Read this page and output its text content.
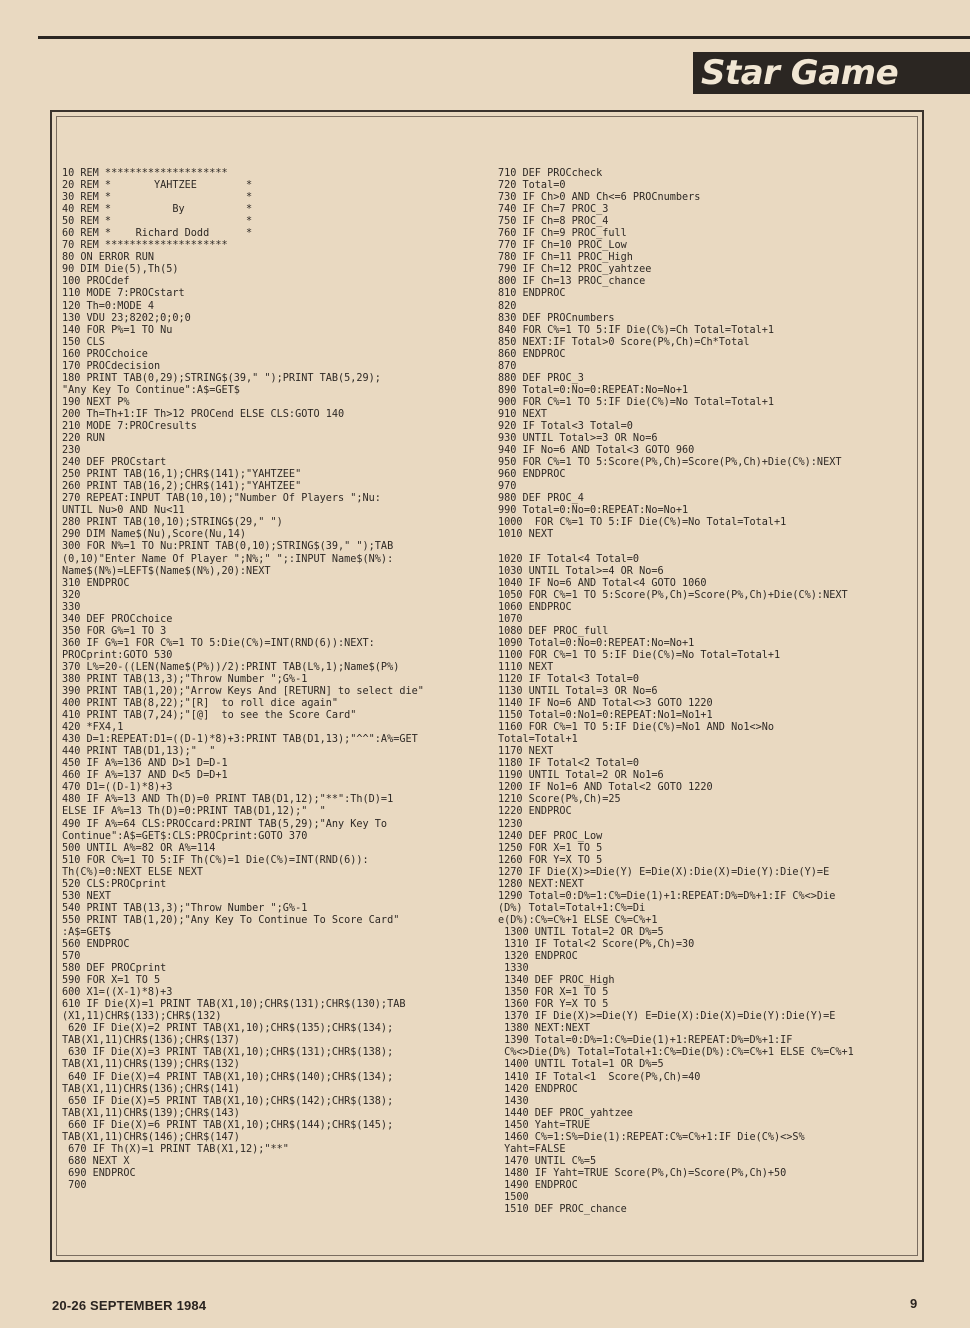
Star Game
10 REM ********************
20 REM *       YAHTZEE        *
30 REM *                      *
40 REM *          By          *
50 REM *                      *
60 REM *    Richard Dodd      *
70 REM ********************
80 ON ERROR RUN
90 DIM Die(5),Th(5)
100 PROCdef
110 MODE 7:PROCstart
120 Th=0:MODE 4
130 VDU 23;8202;0;0;0
140 FOR P%=1 TO Nu
150 CLS
160 PROCchoice
170 PROCdecision
180 PRINT TAB(0,29);STRING$(39," ");PRINT TAB(5,29);
"Any Key To Continue":A$=GET$
190 NEXT P%
200 Th=Th+1:IF Th>12 PROCend ELSE CLS:GOTO 140
210 MODE 7:PROCresults
220 RUN
230
240 DEF PROCstart
250 PRINT TAB(16,1);CHR$(141);"YAHTZEE"
260 PRINT TAB(16,2);CHR$(141);"YAHTZEE"
270 REPEAT:INPUT TAB(10,10);"Number Of Players ";Nu:
UNTIL Nu>0 AND Nu<11
280 PRINT TAB(10,10);STRING$(29," ")
290 DIM Name$(Nu),Score(Nu,14)
300 FOR N%=1 TO Nu:PRINT TAB(0,10);STRING$(39," ");TAB
(0,10)"Enter Name Of Player ";N%;" ";:INPUT Name$(N%):
Name$(N%)=LEFT$(Name$(N%),20):NEXT
310 ENDPROC
320
330
340 DEF PROCchoice
350 FOR G%=1 TO 3
360 IF G%=1 FOR C%=1 TO 5:Die(C%)=INT(RND(6)):NEXT:
PROCprint:GOTO 530
370 L%=20-((LEN(Name$(P%))/2):PRINT TAB(L%,1);Name$(P%)
380 PRINT TAB(13,3);"Throw Number ";G%-1
390 PRINT TAB(1,20);"Arrow Keys And [RETURN] to select die"
400 PRINT TAB(8,22);"[R]  to roll dice again"
410 PRINT TAB(7,24);"[@]  to see the Score Card"
420 *FX4,1
430 D=1:REPEAT:D1=((D-1)*8)+3:PRINT TAB(D1,13);"^^":A%=GET
440 PRINT TAB(D1,13);"  "
450 IF A%=136 AND D>1 D=D-1
460 IF A%=137 AND D<5 D=D+1
470 D1=((D-1)*8)+3
480 IF A%=13 AND Th(D)=0 PRINT TAB(D1,12);"**":Th(D)=1
ELSE IF A%=13 Th(D)=0:PRINT TAB(D1,12);"  "
490 IF A%=64 CLS:PROCcard:PRINT TAB(5,29);"Any Key To
Continue":A$=GET$:CLS:PROCprint:GOTO 370
500 UNTIL A%=82 OR A%=114
510 FOR C%=1 TO 5:IF Th(C%)=1 Die(C%)=INT(RND(6)):
Th(C%)=0:NEXT ELSE NEXT
520 CLS:PROCprint
530 NEXT
540 PRINT TAB(13,3);"Throw Number ";G%-1
550 PRINT TAB(1,20);"Any Key To Continue To Score Card"
:A$=GET$
560 ENDPROC
570
580 DEF PROCprint
590 FOR X=1 TO 5
600 X1=((X-1)*8)+3
610 IF Die(X)=1 PRINT TAB(X1,10);CHR$(131);CHR$(130);TAB
(X1,11)CHR$(133);CHR$(132)
620 IF Die(X)=2 PRINT TAB(X1,10);CHR$(135);CHR$(134);
TAB(X1,11)CHR$(136);CHR$(137)
630 IF Die(X)=3 PRINT TAB(X1,10);CHR$(131);CHR$(138);
TAB(X1,11)CHR$(139);CHR$(132)
640 IF Die(X)=4 PRINT TAB(X1,10);CHR$(140);CHR$(134);
TAB(X1,11)CHR$(136);CHR$(141)
650 IF Die(X)=5 PRINT TAB(X1,10);CHR$(142);CHR$(138);
TAB(X1,11)CHR$(139);CHR$(143)
660 IF Die(X)=6 PRINT TAB(X1,10);CHR$(144);CHR$(145);
TAB(X1,11)CHR$(146);CHR$(147)
670 IF Th(X)=1 PRINT TAB(X1,12);"**"
680 NEXT X
690 ENDPROC
700
710 DEF PROCcheck
720 Total=0
730 IF Ch>0 AND Ch<=6 PROCnumbers
740 IF Ch=7 PROC_3
750 IF Ch=8 PROC_4
760 IF Ch=9 PROC_full
770 IF Ch=10 PROC_Low
780 IF Ch=11 PROC_High
790 IF Ch=12 PROC_yahtzee
800 IF Ch=13 PROC_chance
810 ENDPROC
820
830 DEF PROCnumbers
840 FOR C%=1 TO 5:IF Die(C%)=Ch Total=Total+1
850 NEXT:IF Total>0 Score(P%,Ch)=Ch*Total
860 ENDPROC
870
880 DEF PROC_3
890 Total=0:No=0:REPEAT:No=No+1
900 FOR C%=1 TO 5:IF Die(C%)=No Total=Total+1
910 NEXT
920 IF Total<3 Total=0
930 UNTIL Total>=3 OR No=6
940 IF No=6 AND Total<3 GOTO 960
950 FOR C%=1 TO 5:Score(P%,Ch)=Score(P%,Ch)+Die(C%):NEXT
960 ENDPROC
970
980 DEF PROC_4
990 Total=0:No=0:REPEAT:No=No+1
1000  FOR C%=1 TO 5:IF Die(C%)=No Total=Total+1
1010 NEXT
1020 IF Total<4 Total=0
1030 UNTIL Total>=4 OR No=6
1040 IF No=6 AND Total<4 GOTO 1060
1050 FOR C%=1 TO 5:Score(P%,Ch)=Score(P%,Ch)+Die(C%):NEXT
1060 ENDPROC
1070
1080 DEF PROC_full
1090 Total=0:No=0:REPEAT:No=No+1
1100 FOR C%=1 TO 5:IF Die(C%)=No Total=Total+1
1110 NEXT
1120 IF Total<3 Total=0
1130 UNTIL Total=3 OR No=6
1140 IF No=6 AND Total<>3 GOTO 1220
1150 Total=0:No1=0:REPEAT:No1=No1+1
1160 FOR C%=1 TO 5:IF Die(C%)=No1 AND No1<>No
Total=Total+1
1170 NEXT
1180 IF Total<2 Total=0
1190 UNTIL Total=2 OR No1=6
1200 IF No1=6 AND Total<2 GOTO 1220
1210 Score(P%,Ch)=25
1220 ENDPROC
1230
1240 DEF PROC_Low
1250 FOR X=1 TO 5
1260 FOR Y=X TO 5
1270 IF Die(X)>=Die(Y) E=Die(X):Die(X)=Die(Y):Die(Y)=E
1280 NEXT:NEXT
1290 Total=0:D%=1:C%=Die(1)+1:REPEAT:D%=D%+1:IF C%<>Die
(D%) Total=Total+1:C%=Di
e(D%):C%=C%+1 ELSE C%=C%+1
1300 UNTIL Total=2 OR D%=5
1310 IF Total<2 Score(P%,Ch)=30
1320 ENDPROC
1330
1340 DEF PROC_High
1350 FOR X=1 TO 5
1360 FOR Y=X TO 5
1370 IF Die(X)>=Die(Y) E=Die(X):Die(X)=Die(Y):Die(Y)=E
1380 NEXT:NEXT
1390 Total=0:D%=1:C%=Die(1)+1:REPEAT:D%=D%+1:IF
C%<>Die(D%) Total=Total+1:C%=Die(D%):C%=C%+1 ELSE C%=C%+1
1400 UNTIL Total=1 OR D%=5
1410 IF Total<1  Score(P%,Ch)=40
1420 ENDPROC
1430
1440 DEF PROC_yahtzee
1450 Yaht=TRUE
1460 C%=1:S%=Die(1):REPEAT:C%=C%+1:IF Die(C%)<>S%
Yaht=FALSE
1470 UNTIL C%=5
1480 IF Yaht=TRUE Score(P%,Ch)=Score(P%,Ch)+50
1490 ENDPROC
1500
1510 DEF PROC_chance
20-26 SEPTEMBER 1984	9
